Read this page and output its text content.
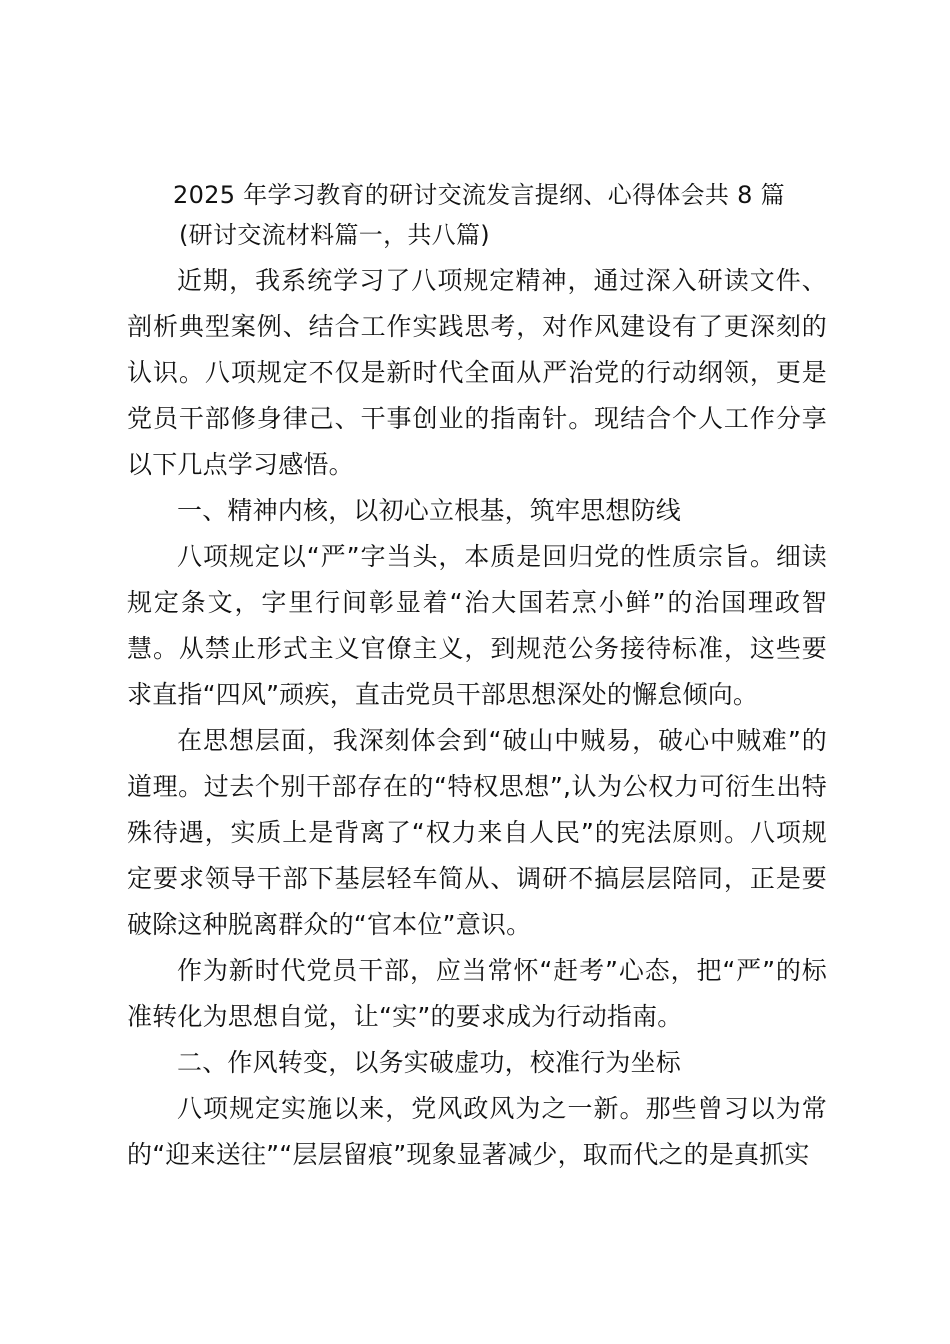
2025 年学习教育的研讨交流发言提纲、心得体会共 8 篇

(研讨交流材料篇一，共八篇)

近期，我系统学习了八项规定精神，通过深入研读文件、剖析典型案例、结合工作实践思考，对作风建设有了更深刻的认识。八项规定不仅是新时代全面从严治党的行动纲领，更是党员干部修身律己、干事创业的指南针。现结合个人工作分享以下几点学习感悟。

一、精神内核，以初心立根基，筑牢思想防线

八项规定以“严”字当头，本质是回归党的性质宗旨。细读规定条文，字里行间彰显着“治大国若烹小鲜”的治国理政智慧。从禁止形式主义官僚主义，到规范公务接待标准，这些要求直指“四风”顽疾，直击党员干部思想深处的懈怠倾向。

在思想层面，我深刻体会到“破山中贼易，破心中贼难”的道理。过去个别干部存在的“特权思想”,认为公权力可衍生出特殊待遇，实质上是背离了“权力来自人民”的宪法原则。八项规定要求领导干部下基层轻车简从、调研不搞层层陪同，正是要破除这种脱离群众的“官本位”意识。

作为新时代党员干部，应当常怀“赶考”心态，把“严”的标准转化为思想自觉，让“实”的要求成为行动指南。

二、作风转变，以务实破虚功，校准行为坐标

八项规定实施以来，党风政风为之一新。那些曾习以为常的“迎来送往”“层层留痕”现象显著减少，取而代之的是真抓实
